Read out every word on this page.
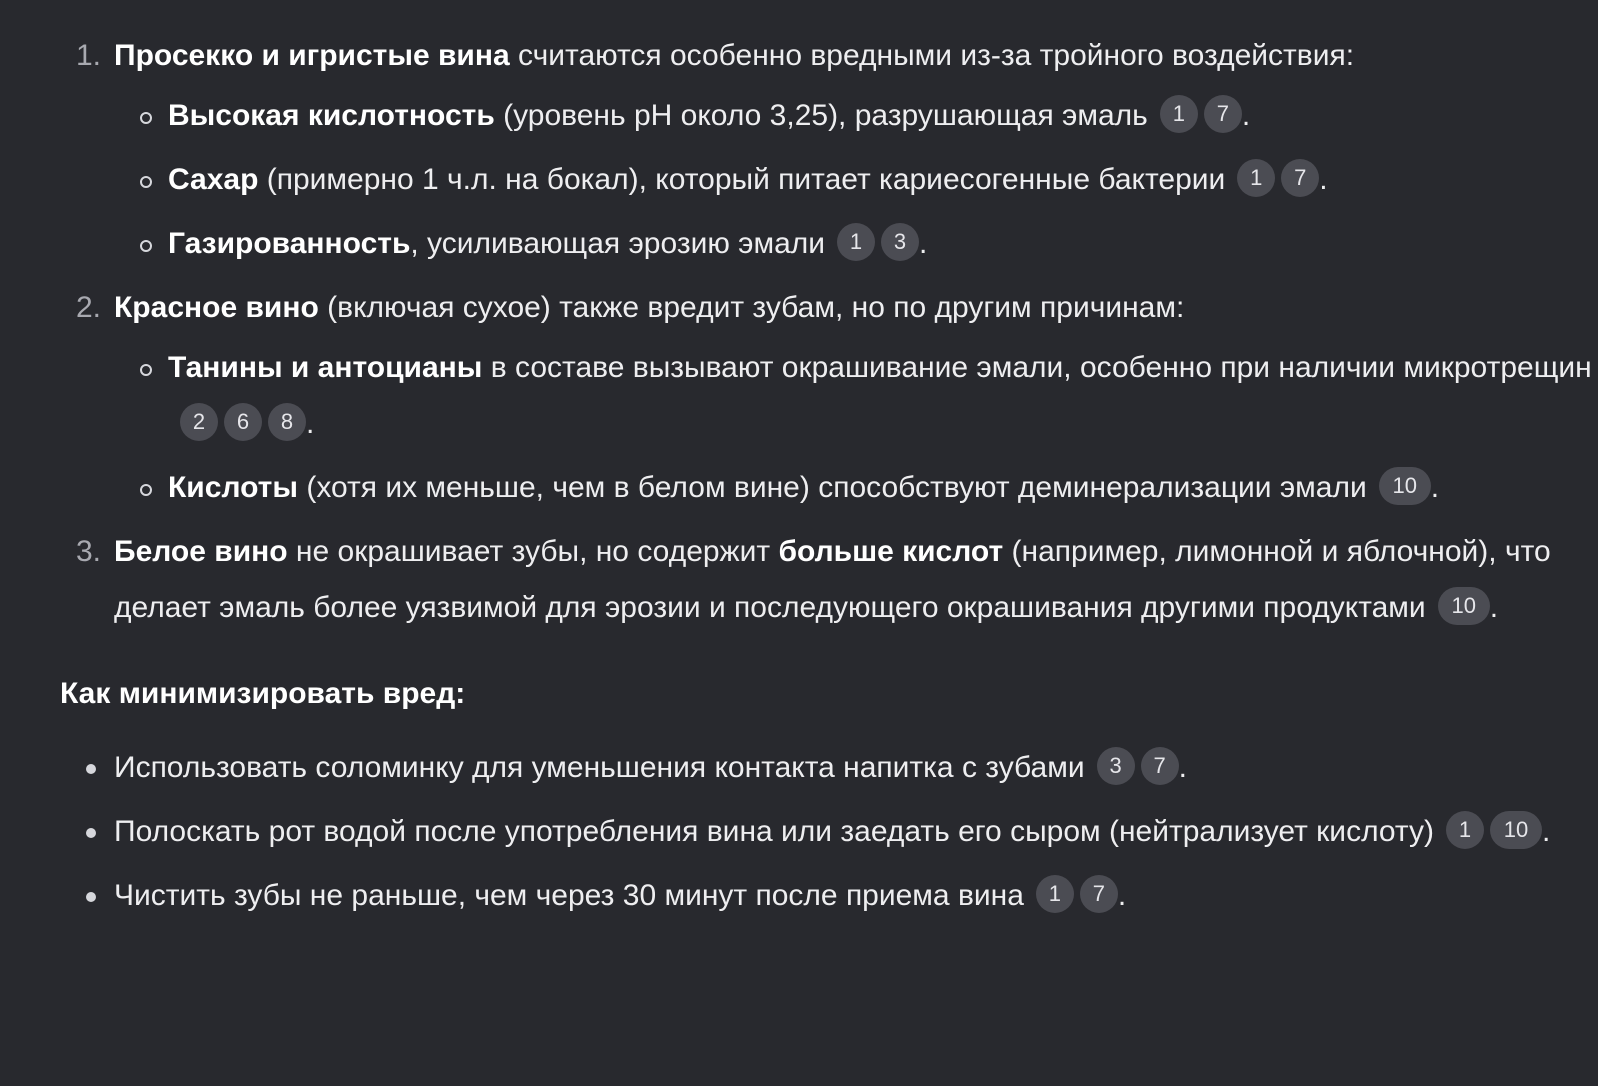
1. Просекко и игристые вина считаются особенно вредными из-за тройного воздействия:
Высокая кислотность (уровень pH около 3,25), разрушающая эмаль 1 7 .
Сахар (примерно 1 ч.л. на бокал), который питает кариесогенные бактерии 1 7 .
Газированность, усиливающая эрозию эмали 1 3 .
2. Красное вино (включая сухое) также вредит зубам, но по другим причинам:
Танины и антоцианы в составе вызывают окрашивание эмали, особенно при наличии микротрещин2 6 8 .
Кислоты (хотя их меньше, чем в белом вине) способствуют деминерализации эмали 10 .
3. Белое вино не окрашивает зубы, но содержит больше кислот (например, лимонной и яблочной), что делает эмаль более уязвимой для эрозии и последующего окрашивания другими продуктами 10 .
Как минимизировать вред:
Использовать соломинку для уменьшения контакта напитка с зубами 3 7 .
Полоскать рот водой после употребления вина или заедать его сыром (нейтрализует кислоту) 1 10 .
Чистить зубы не раньше, чем через 30 минут после приема вина 1 7 .
